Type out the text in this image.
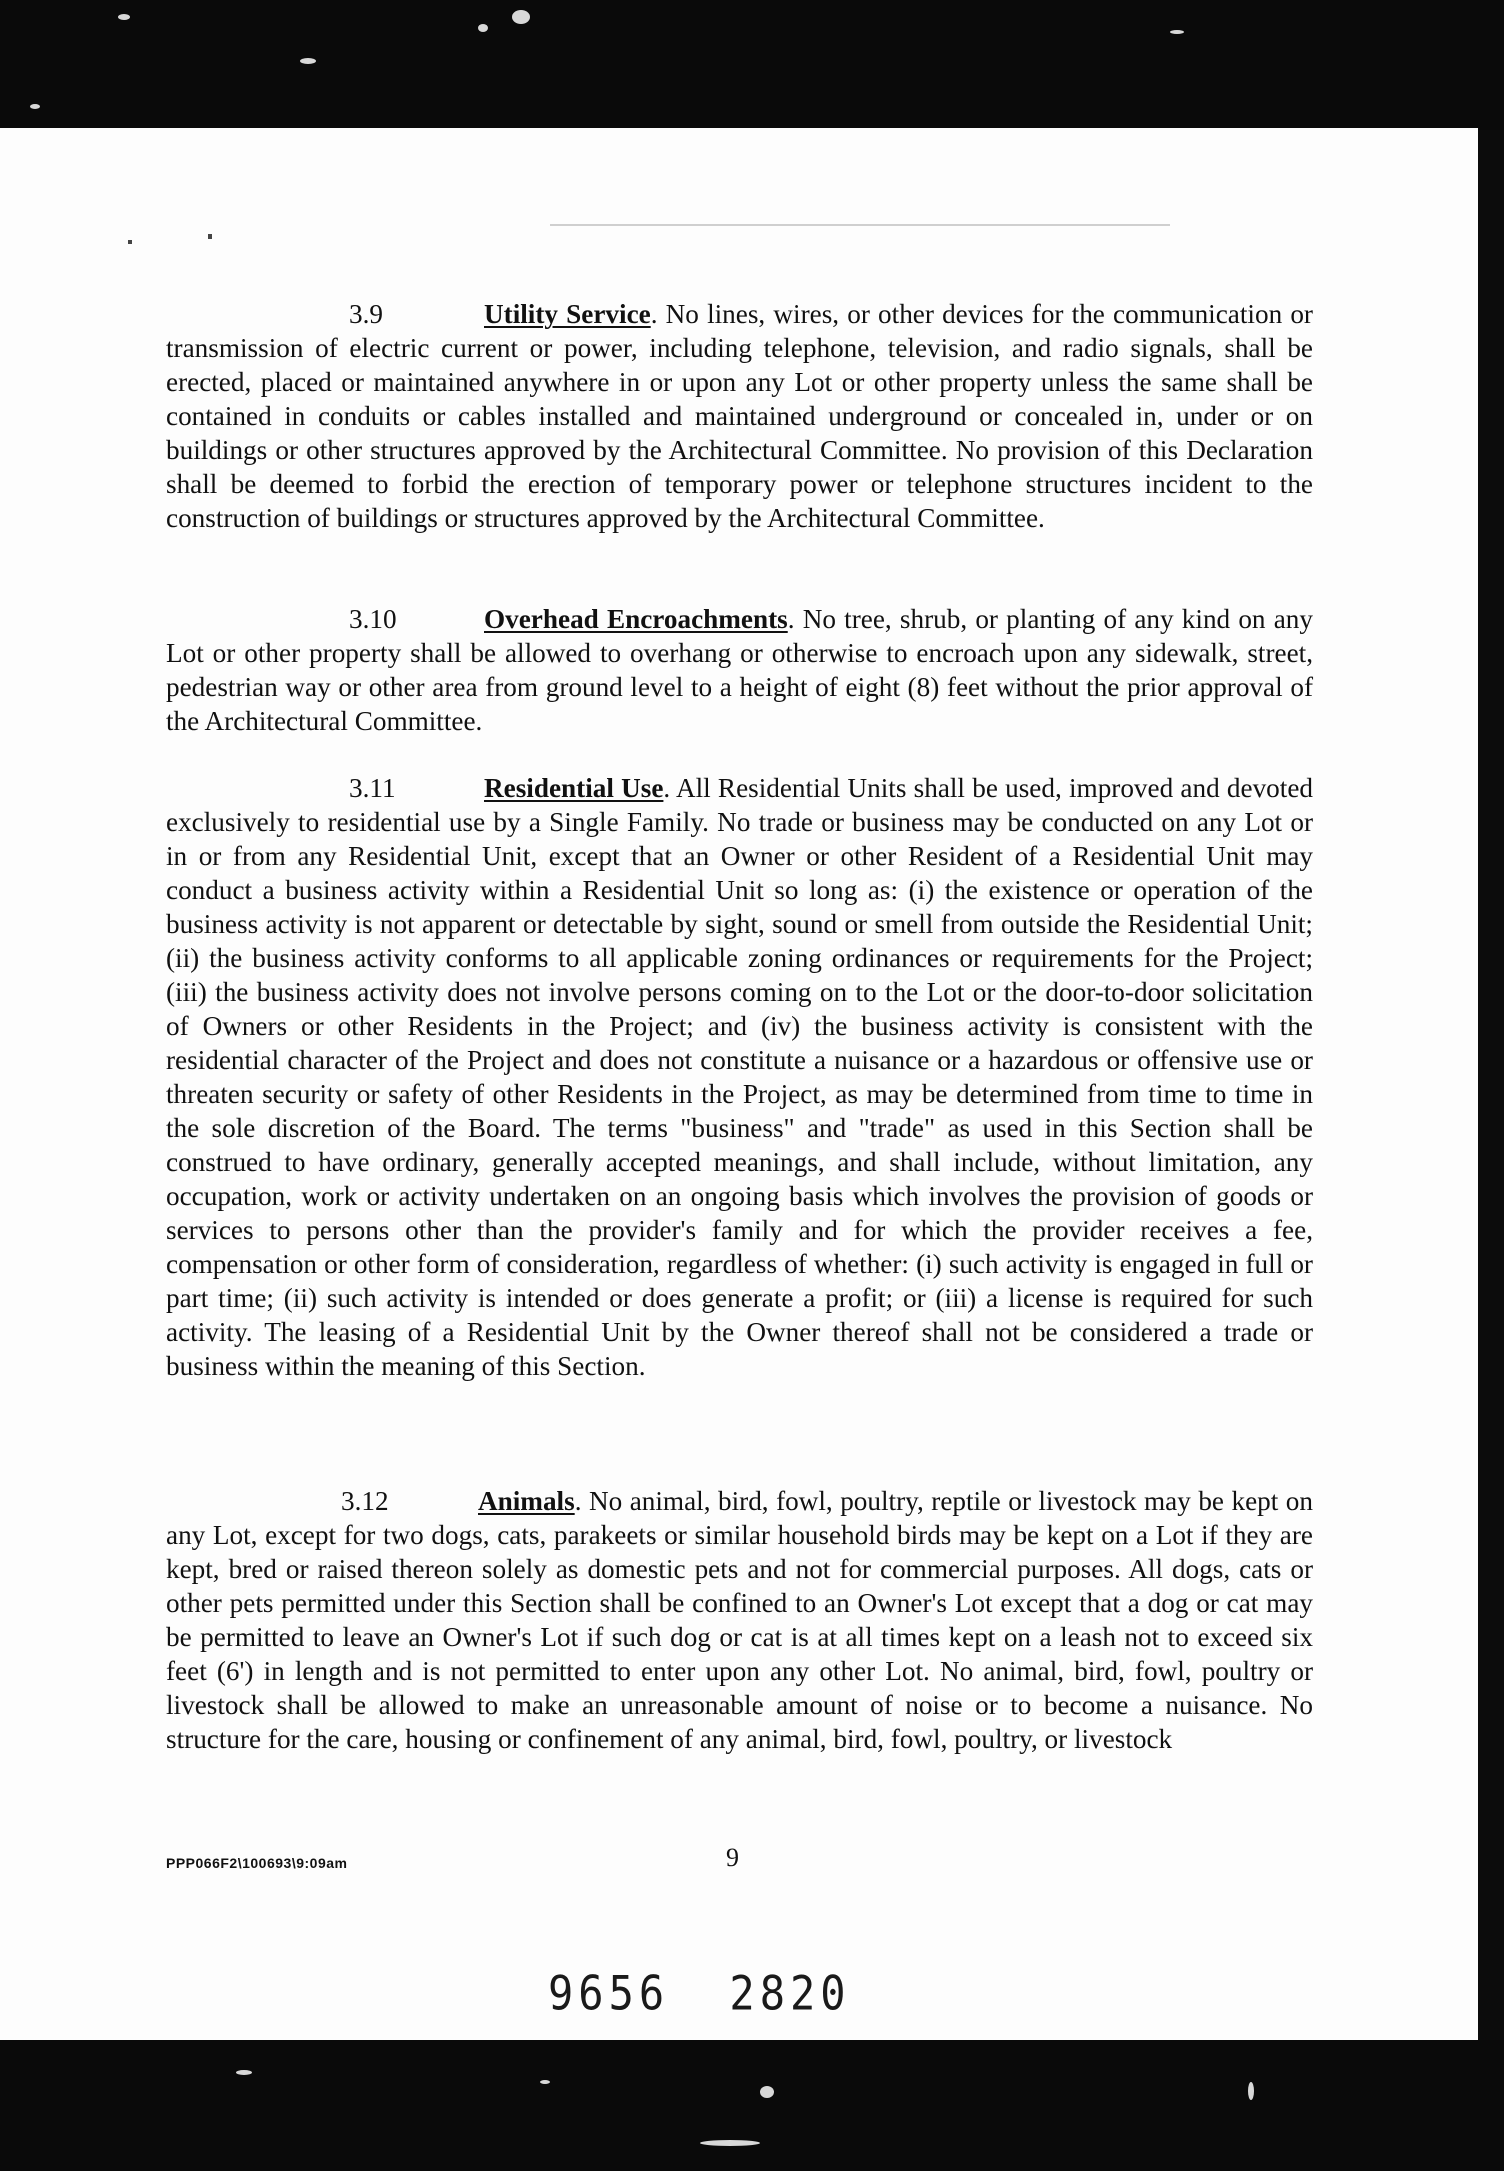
3.9	Utility Service. No lines, wires, or other devices for the communication or transmission of electric current or power, including telephone, television, and radio signals, shall be erected, placed or maintained anywhere in or upon any Lot or other property unless the same shall be contained in conduits or cables installed and maintained underground or concealed in, under or on buildings or other structures approved by the Architectural Committee. No provision of this Declaration shall be deemed to forbid the erection of temporary power or telephone structures incident to the construction of buildings or structures approved by the Architectural Committee.

3.10	Overhead Encroachments. No tree, shrub, or planting of any kind on any Lot or other property shall be allowed to overhang or otherwise to encroach upon any sidewalk, street, pedestrian way or other area from ground level to a height of eight (8) feet without the prior approval of the Architectural Committee.

3.11	Residential Use. All Residential Units shall be used, improved and devoted exclusively to residential use by a Single Family. No trade or business may be conducted on any Lot or in or from any Residential Unit, except that an Owner or other Resident of a Residential Unit may conduct a business activity within a Residential Unit so long as: (i) the existence or operation of the business activity is not apparent or detectable by sight, sound or smell from outside the Residential Unit; (ii) the business activity conforms to all applicable zoning ordinances or requirements for the Project; (iii) the business activity does not involve persons coming on to the Lot or the door-to-door solicitation of Owners or other Residents in the Project; and (iv) the business activity is consistent with the residential character of the Project and does not constitute a nuisance or a hazardous or offensive use or threaten security or safety of other Residents in the Project, as may be determined from time to time in the sole discretion of the Board. The terms "business" and "trade" as used in this Section shall be construed to have ordinary, generally accepted meanings, and shall include, without limitation, any occupation, work or activity undertaken on an ongoing basis which involves the provision of goods or services to persons other than the provider's family and for which the provider receives a fee, compensation or other form of consideration, regardless of whether: (i) such activity is engaged in full or part time; (ii) such activity is intended or does generate a profit; or (iii) a license is required for such activity. The leasing of a Residential Unit by the Owner thereof shall not be considered a trade or business within the meaning of this Section.

3.12	Animals. No animal, bird, fowl, poultry, reptile or livestock may be kept on any Lot, except for two dogs, cats, parakeets or similar household birds may be kept on a Lot if they are kept, bred or raised thereon solely as domestic pets and not for commercial purposes. All dogs, cats or other pets permitted under this Section shall be confined to an Owner's Lot except that a dog or cat may be permitted to leave an Owner's Lot if such dog or cat is at all times kept on a leash not to exceed six feet (6') in length and is not permitted to enter upon any other Lot. No animal, bird, fowl, poultry or livestock shall be allowed to make an unreasonable amount of noise or to become a nuisance. No structure for the care, housing or confinement of any animal, bird, fowl, poultry, or livestock

PPP066F2\100693\9:09am	9
9656 2820
